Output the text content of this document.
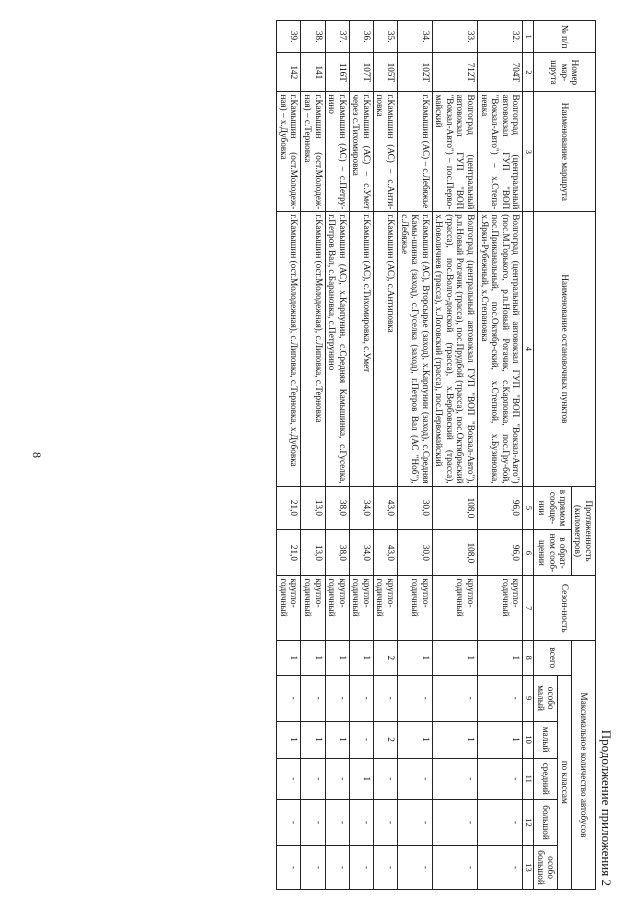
8
Продолжение приложения 2
№ п/п	Номер мар-шрута	Наименование маршрута	Наименование остановочных пунктов	Протяженность (километров)		Сезон-ность	Максимальное количество автобусов					
				в прямом сообще-нии	в обрат-ном сооб-щении		всего	по классам				
								особо малый	малый	средний	большой	особо большой
1	2	3	4	5	6	7	8	9	10	11	12	13
32.	704Т	Волгоград (центральный автовокзал ГУП "ВОП "Вокзал-Авто") – х.Степа-невка	Волгоград (центральный автовокзал ГУП "ВОП "Вокзал-Авто") (пос.М.Горького, р.п.Новый Рогачик, с.Карповка, пос.Гру-бой, пос.Приканальный, пос.Октябр-ский, х.Степной, х.Бузиновка, х.Ярки-Рубежный, х.Степановка	96,0	96,0	кругло-годичный	1	-	1	-	-	-
33.	712Т	Волгоград (центральный автовокзал ГУП "ВОП "Вокзал-Авто") – пос.Перво-майский	Волгоград (центральный автовокзал ГУП "ВОП "Вокзал-Авто"), р.п.Новый Рогачик (трасса), пос.Прудбой (трасса), пос.Октябрьский (трасса), пос.Волго-донской (трасса), х.Вербовский (трасса), х.Новоличнев (трасса), х.Логовский (трасса), пос.Первомайский	108,0	108,0	кругло-годичный	1	-	1	-	-	-
34.	102Т	г.Камышин (АС) – с.Лебяжье	г.Камышин (АС), Вторсырье (заход), х.Карпунин (заход), с.Средняя Камы-шинка (заход), с.Гуселка (заход), г.Петров Вал (АС "Ноб"), с.Лебяжье	30,0	30,0	кругло-годичный	1	-	1	-	-	-
35.	105Т	г.Камышин (АС) – с.Анти-повка	г.Камышин (АС), с.Антиповка	43,0	43,0	кругло-годичный	2	-	2	-	-	-
36.	107Т	г.Камышин (АС) – с.Умет через с.Тихомировка	г.Камышин (АС), с.Тихомировка, с.Умет	34,0	34,0	кругло-годичный	1	-	-	1	-	-
37.	116Т	г.Камышин (АС) – с.Петру-нино	г.Камышин (АС), х.Карпунин, с.Средняя Камышинка, с.Гуселка, г.Петров Вал, с.Барановка, с.Петрунино	38,0	38,0	кругло-годичный	1	-	1	-	-	-
38.	141	г.Камышин (ост.Молодеж-ная) – с.Терновка	г.Камышин (ост.Молодежная), с.Липовка, с.Терновка	13,0	13,0	кругло-годичный	1	-	1	-	-	-
39.	142	г.Камышин (ост.Молодеж-ная) – х.Дубовка	г.Камышин (ост.Молодежная), с.Липовка, с.Терновка, х.Дубовка	21,0	21,0	кругло-годичный	1	-	1	-	-	-
